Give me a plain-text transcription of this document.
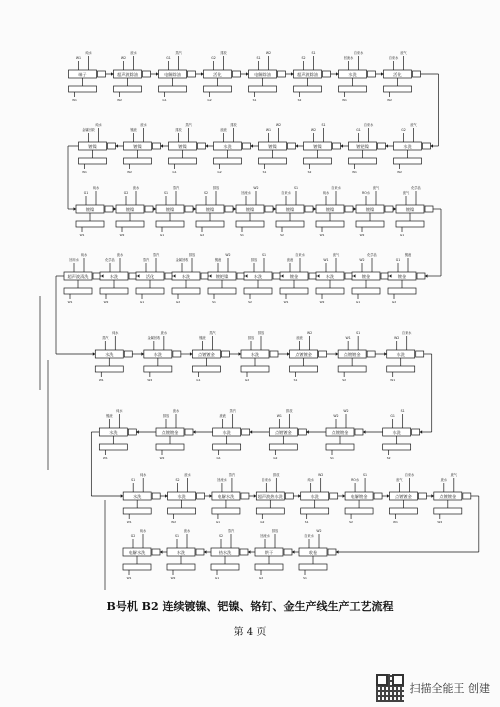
端子
W1
纯水
W1
超声波除油
W2
废水
W2
电解除油
G1
蒸汽
G1
活化
G2
排放
G2
电解除油
S1
W2
S1
超声波除油
S2
S1
S2
水洗
回流水
自来水
W1
活化
自来水
废气
W2
镀镍
金属回收
纯水
W1
镀镍
镀液
废水
W2
镀镍
排放
蒸汽
G1
水洗
废液
排放
G2
镀镍
W1
W2
S1
镀镍
W2
S1
S2
镀钯镍
G1
自来水
W1
水洗
G2
废气
W2
镀镍
G1
纯水
W1
镀镍
G2
废水
W2
镀镍
S1
蒸汽
G1
镀镍
S2
排放
G2
镀镍
回流水
W2
S1
镀镍
自来水
S1
S2
镀镍
纯水
自来水
W1
镀镍
RO水
废气
W2
镀镍
废气
化学品
G1
超声波清洗
回用水
纯水
W1
水洗
化学品
废水
W2
活化
蒸汽
蒸汽
G1
水洗
金属回收
排放
G2
镀钯镍
镀液
W2
S1
水洗
排放
S1
S2
镀金
废液
自来水
W1
水洗
W1
废气
W2
镀金
W2
化学品
G1
镀金
G1
镀液
G2
水洗
蒸汽
纯水
W1
水洗
金属回收
废水
W2
点镀镀金
镀液
蒸汽
G1
水洗
排放
排放
G2
点镀镀金
废液
W2
S1
点镀镀金
W1
S1
S2
水洗
W2
自来水
W1
水洗
镀液
纯水
W1
点镀镀金
排放
废水
W2
水洗
废液
蒸汽
G1
点镀镀金
W1
排放
G2
点镀镀金
W2
W2
S1
水洗
G1
S1
S2
水洗
S1
纯水
W1
水洗
S2
废水
W2
电解水洗
回流水
蒸汽
G1
超声波热水洗
自来水
排放
G2
水洗
纯水
W2
S1
电解镀金
RO水
S1
S2
点镀镀金
废气
自来水
W1
点镀镀金
废水
废气
W2
电解水洗
G2
纯水
W1
水洗
S1
废水
W2
热水洗
S2
蒸汽
G1
烘干
回流水
排放
G2
收卷
自来水
W2
S1
B号机 B2 连续镀镍、钯镍、铬钉、金生产线生产工艺流程
第 4 页
扫描全能王 创建
